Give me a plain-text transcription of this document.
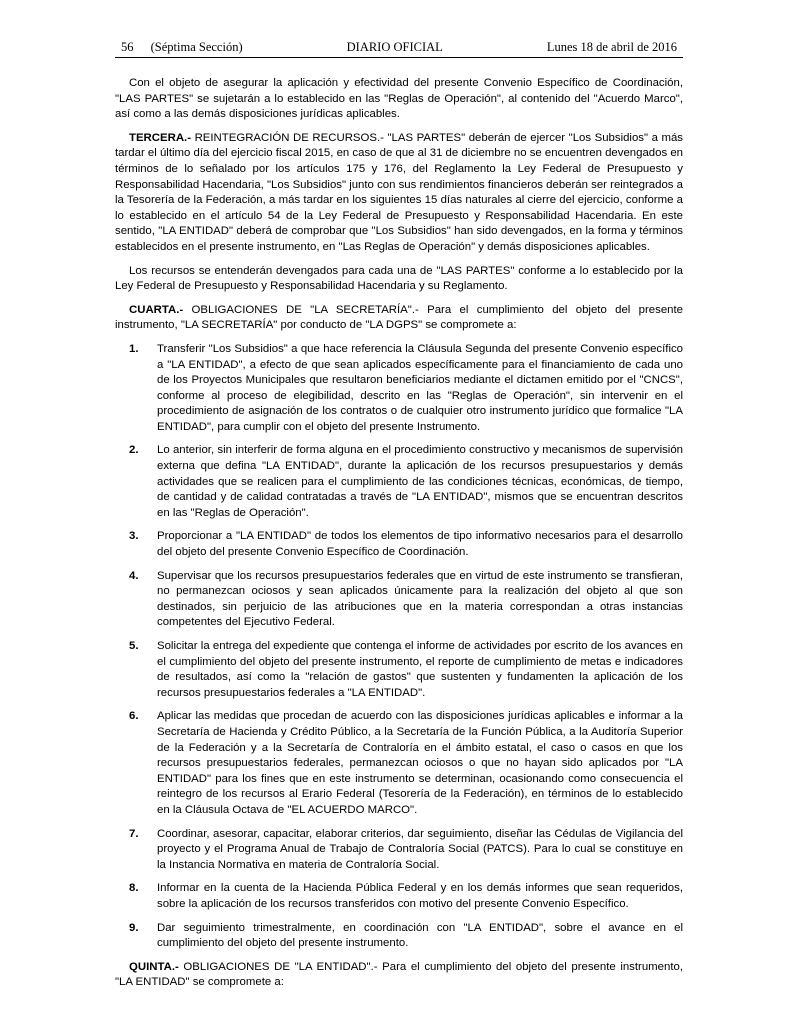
56 (Séptima Sección)	DIARIO OFICIAL	Lunes 18 de abril de 2016

Con el objeto de asegurar la aplicación y efectividad del presente Convenio Específico de Coordinación, "LAS PARTES" se sujetarán a lo establecido en las "Reglas de Operación", al contenido del "Acuerdo Marco", así como a las demás disposiciones jurídicas aplicables.

TERCERA.- REINTEGRACIÓN DE RECURSOS.- "LAS PARTES" deberán de ejercer "Los Subsidios" a más tardar el último día del ejercicio fiscal 2015, en caso de que al 31 de diciembre no se encuentren devengados en términos de lo señalado por los artículos 175 y 176, del Reglamento la Ley Federal de Presupuesto y Responsabilidad Hacendaria, "Los Subsidios" junto con sus rendimientos financieros deberán ser reintegrados a la Tesorería de la Federación, a más tardar en los siguientes 15 días naturales al cierre del ejercicio, conforme a lo establecido en el artículo 54 de la Ley Federal de Presupuesto y Responsabilidad Hacendaria. En este sentido, "LA ENTIDAD" deberá de comprobar que "Los Subsidios" han sido devengados, en la forma y términos establecidos en el presente instrumento, en "Las Reglas de Operación" y demás disposiciones aplicables.

Los recursos se entenderán devengados para cada una de "LAS PARTES" conforme a lo establecido por la Ley Federal de Presupuesto y Responsabilidad Hacendaria y su Reglamento.

CUARTA.- OBLIGACIONES DE "LA SECRETARÍA".- Para el cumplimiento del objeto del presente instrumento, "LA SECRETARÍA" por conducto de "LA DGPS" se compromete a:

1.	Transferir "Los Subsidios" a que hace referencia la Cláusula Segunda del presente Convenio específico a "LA ENTIDAD", a efecto de que sean aplicados específicamente para el financiamiento de cada uno de los Proyectos Municipales que resultaron beneficiarios mediante el dictamen emitido por el "CNCS", conforme al proceso de elegibilidad, descrito en las "Reglas de Operación", sin intervenir en el procedimiento de asignación de los contratos o de cualquier otro instrumento jurídico que formalice "LA ENTIDAD", para cumplir con el objeto del presente Instrumento.
2.	Lo anterior, sin interferir de forma alguna en el procedimiento constructivo y mecanismos de supervisión externa que defina "LA ENTIDAD", durante la aplicación de los recursos presupuestarios y demás actividades que se realicen para el cumplimiento de las condiciones técnicas, económicas, de tiempo, de cantidad y de calidad contratadas a través de "LA ENTIDAD", mismos que se encuentran descritos en las "Reglas de Operación".
3.	Proporcionar a "LA ENTIDAD" de todos los elementos de tipo informativo necesarios para el desarrollo del objeto del presente Convenio Específico de Coordinación.
4.	Supervisar que los recursos presupuestarios federales que en virtud de este instrumento se transfieran, no permanezcan ociosos y sean aplicados únicamente para la realización del objeto al que son destinados, sin perjuicio de las atribuciones que en la materia correspondan a otras instancias competentes del Ejecutivo Federal.
5.	Solicitar la entrega del expediente que contenga el informe de actividades por escrito de los avances en el cumplimiento del objeto del presente instrumento, el reporte de cumplimiento de metas e indicadores de resultados, así como la "relación de gastos" que sustenten y fundamenten la aplicación de los recursos presupuestarios federales a "LA ENTIDAD".
6.	Aplicar las medidas que procedan de acuerdo con las disposiciones jurídicas aplicables e informar a la Secretaría de Hacienda y Crédito Público, a la Secretaría de la Función Pública, a la Auditoría Superior de la Federación y a la Secretaría de Contraloría en el ámbito estatal, el caso o casos en que los recursos presupuestarios federales, permanezcan ociosos o que no hayan sido aplicados por "LA ENTIDAD" para los fines que en este instrumento se determinan, ocasionando como consecuencia el reintegro de los recursos al Erario Federal (Tesorería de la Federación), en términos de lo establecido en la Cláusula Octava de "EL ACUERDO MARCO".
7.	Coordinar, asesorar, capacitar, elaborar criterios, dar seguimiento, diseñar las Cédulas de Vigilancia del proyecto y el Programa Anual de Trabajo de Contraloría Social (PATCS). Para lo cual se constituye en la Instancia Normativa en materia de Contraloría Social.
8.	Informar en la cuenta de la Hacienda Pública Federal y en los demás informes que sean requeridos, sobre la aplicación de los recursos transferidos con motivo del presente Convenio Específico.
9.	Dar seguimiento trimestralmente, en coordinación con "LA ENTIDAD", sobre el avance en el cumplimiento del objeto del presente instrumento.

QUINTA.- OBLIGACIONES DE "LA ENTIDAD".- Para el cumplimiento del objeto del presente instrumento, "LA ENTIDAD" se compromete a:
